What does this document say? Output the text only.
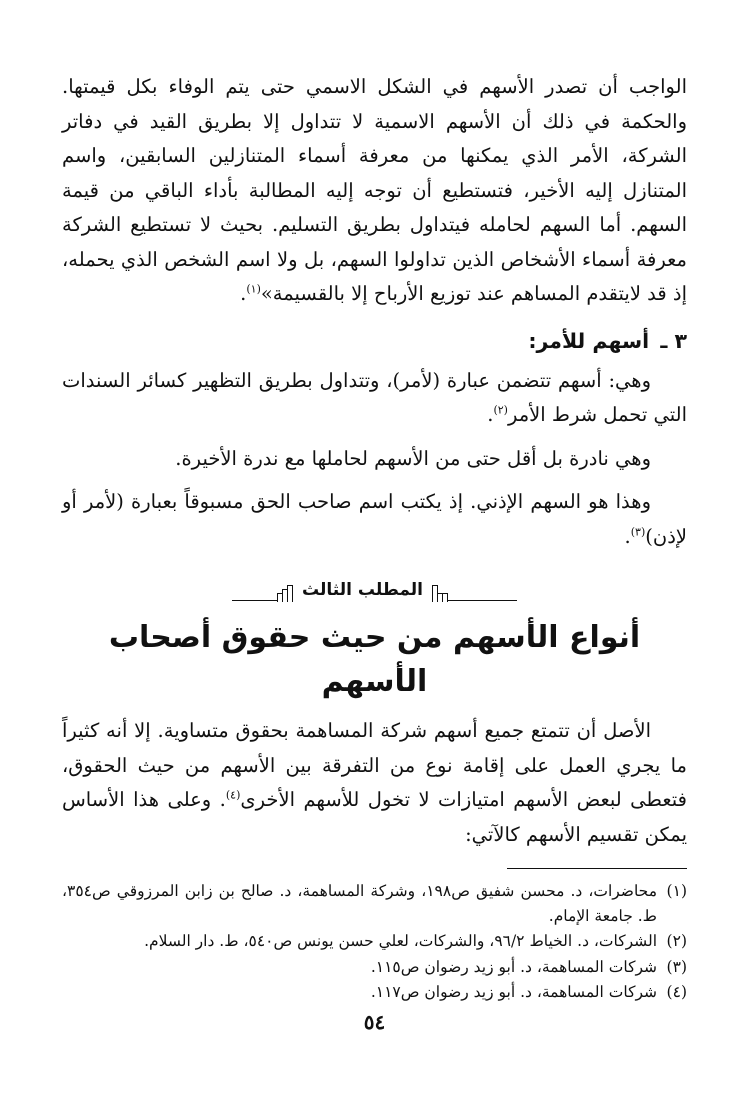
الواجب أن تصدر الأسهم في الشكل الاسمي حتى يتم الوفاء بكل قيمتها. والحكمة في ذلك أن الأسهم الاسمية لا تتداول إلا بطريق القيد في دفاتر الشركة، الأمر الذي يمكنها من معرفة أسماء المتنازلين السابقين، واسم المتنازل إليه الأخير، فتستطيع أن توجه إليه المطالبة بأداء الباقي من قيمة السهم. أما السهم لحامله فيتداول بطريق التسليم. بحيث لا تستطيع الشركة معرفة أسماء الأشخاص الذين تداولوا السهم، بل ولا اسم الشخص الذي يحمله، إذ قد لايتقدم المساهم عند توزيع الأرباح إلا بالقسيمة»$^{(١)}$.

٣ ـ أسهم للأمر:

وهي: أسهم تتضمن عبارة (لأمر)، وتتداول بطريق التظهير كسائر السندات التي تحمل شرط الأمر$^{(٢)}$.

وهي نادرة بل أقل حتى من الأسهم لحاملها مع ندرة الأخيرة.

وهذا هو السهم الإذني. إذ يكتب اسم صاحب الحق مسبوقاً بعبارة (لأمر أو لإذن)$^{(٣)}$.

المطلب الثالث
أنواع الأسهم من حيث حقوق أصحاب الأسهم

الأصل أن تتمتع جميع أسهم شركة المساهمة بحقوق متساوية. إلا أنه كثيراً ما يجري العمل على إقامة نوع من التفرقة بين الأسهم من حيث الحقوق، فتعطى لبعض الأسهم امتيازات لا تخول للأسهم الأخرى$^{(٤)}$. وعلى هذا الأساس يمكن تقسيم الأسهم كالآتي:

(١)
محاضرات، د. محسن شفيق ص١٩٨، وشركة المساهمة، د. صالح بن زابن المرزوقي ص٣٥٤، ط. جامعة الإمام.
(٢)
الشركات، د. الخياط ٩٦/٢، والشركات، لعلي حسن يونس ص٥٤٠، ط. دار السلام.
(٣)
شركات المساهمة، د. أبو زيد رضوان ص١١٥.
(٤)
شركات المساهمة، د. أبو زيد رضوان ص١١٧.
٥٤
